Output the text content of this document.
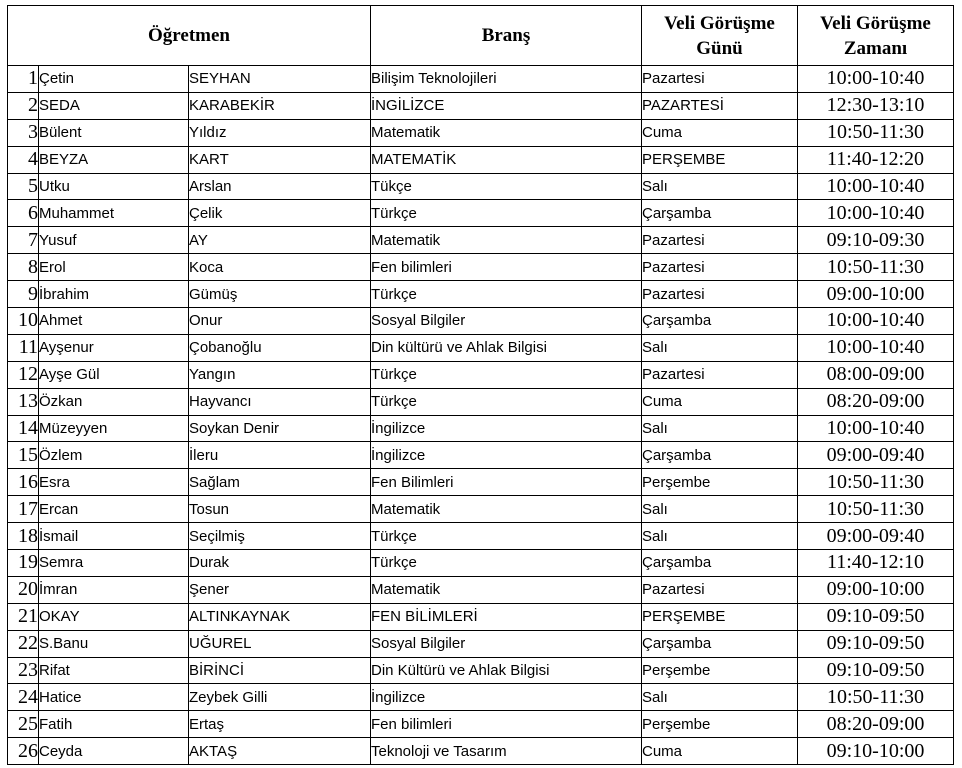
Öğretmen			Branş	Veli Görüşme Günü	Veli Görüşme Zamanı
1	Çetin	SEYHAN	Bilişim Teknolojileri	Pazartesi	10:00-10:40
2	SEDA	KARABEKİR	İNGİLİZCE	PAZARTESİ	12:30-13:10
3	Bülent	Yıldız	Matematik	Cuma	10:50-11:30
4	BEYZA	KART	MATEMATİK	PERŞEMBE	11:40-12:20
5	Utku	Arslan	Tükçe	Salı	10:00-10:40
6	Muhammet	Çelik	Türkçe	Çarşamba	10:00-10:40
7	Yusuf	AY	Matematik	Pazartesi	09:10-09:30
8	Erol	Koca	Fen bilimleri	Pazartesi	10:50-11:30
9	İbrahim	Gümüş	Türkçe	Pazartesi	09:00-10:00
10	Ahmet	Onur	Sosyal Bilgiler	Çarşamba	10:00-10:40
11	Ayşenur	Çobanoğlu	Din kültürü ve Ahlak Bilgisi	Salı	10:00-10:40
12	Ayşe Gül	Yangın	Türkçe	Pazartesi	08:00-09:00
13	Özkan	Hayvancı	Türkçe	Cuma	08:20-09:00
14	Müzeyyen	Soykan Denir	İngilizce	Salı	10:00-10:40
15	Özlem	İleru	İngilizce	Çarşamba	09:00-09:40
16	Esra	Sağlam	Fen Bilimleri	Perşembe	10:50-11:30
17	Ercan	Tosun	Matematik	Salı	10:50-11:30
18	İsmail	Seçilmiş	Türkçe	Salı	09:00-09:40
19	Semra	Durak	Türkçe	Çarşamba	11:40-12:10
20	İmran	Şener	Matematik	Pazartesi	09:00-10:00
21	OKAY	ALTINKAYNAK	FEN BİLİMLERİ	PERŞEMBE	09:10-09:50
22	S.Banu	UĞUREL	Sosyal Bilgiler	Çarşamba	09:10-09:50
23	Rifat	BİRİNCİ	Din Kültürü ve Ahlak Bilgisi	Perşembe	09:10-09:50
24	Hatice	Zeybek Gilli	İngilizce	Salı	10:50-11:30
25	Fatih	Ertaş	Fen bilimleri	Perşembe	08:20-09:00
26	Ceyda	AKTAŞ	Teknoloji ve Tasarım	Cuma	09:10-10:00
